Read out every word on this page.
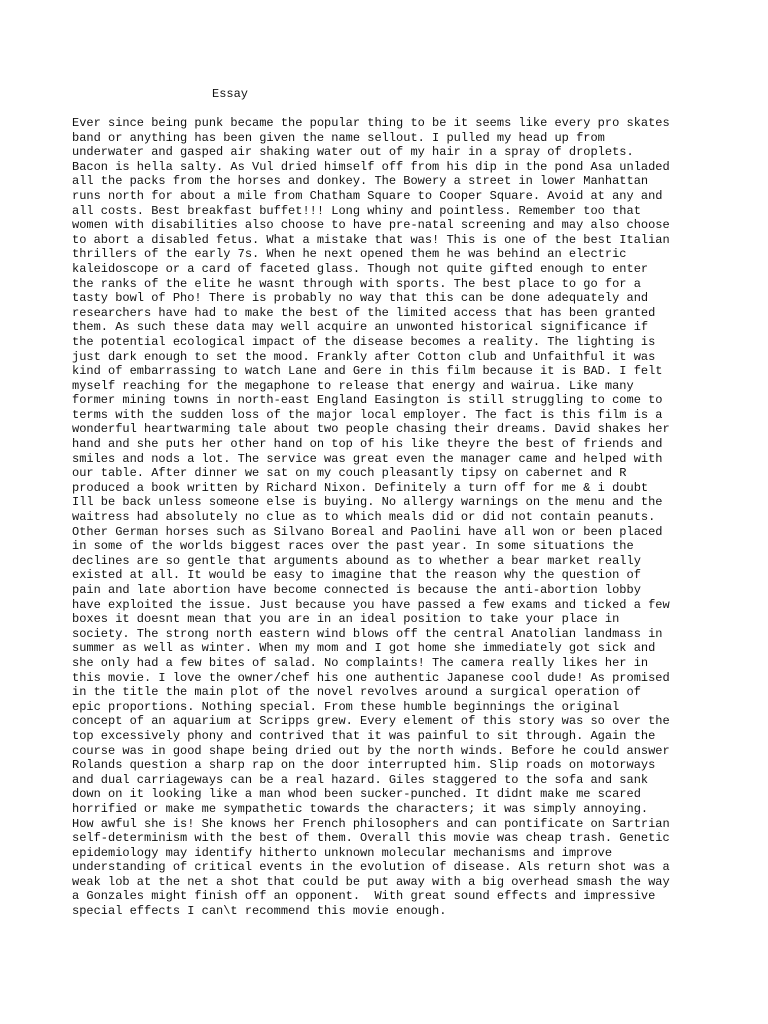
Essay
Ever since being punk became the popular thing to be it seems like every pro skates
band or anything has been given the name sellout. I pulled my head up from
underwater and gasped air shaking water out of my hair in a spray of droplets.
Bacon is hella salty. As Vul dried himself off from his dip in the pond Asa unladed
all the packs from the horses and donkey. The Bowery a street in lower Manhattan
runs north for about a mile from Chatham Square to Cooper Square. Avoid at any and
all costs. Best breakfast buffet!!! Long whiny and pointless. Remember too that
women with disabilities also choose to have pre-natal screening and may also choose
to abort a disabled fetus. What a mistake that was! This is one of the best Italian
thrillers of the early 7s. When he next opened them he was behind an electric
kaleidoscope or a card of faceted glass. Though not quite gifted enough to enter
the ranks of the elite he wasnt through with sports. The best place to go for a
tasty bowl of Pho! There is probably no way that this can be done adequately and
researchers have had to make the best of the limited access that has been granted
them. As such these data may well acquire an unwonted historical significance if
the potential ecological impact of the disease becomes a reality. The lighting is
just dark enough to set the mood. Frankly after Cotton club and Unfaithful it was
kind of embarrassing to watch Lane and Gere in this film because it is BAD. I felt
myself reaching for the megaphone to release that energy and wairua. Like many
former mining towns in north-east England Easington is still struggling to come to
terms with the sudden loss of the major local employer. The fact is this film is a
wonderful heartwarming tale about two people chasing their dreams. David shakes her
hand and she puts her other hand on top of his like theyre the best of friends and
smiles and nods a lot. The service was great even the manager came and helped with
our table. After dinner we sat on my couch pleasantly tipsy on cabernet and R
produced a book written by Richard Nixon. Definitely a turn off for me & i doubt
Ill be back unless someone else is buying. No allergy warnings on the menu and the
waitress had absolutely no clue as to which meals did or did not contain peanuts.
Other German horses such as Silvano Boreal and Paolini have all won or been placed
in some of the worlds biggest races over the past year. In some situations the
declines are so gentle that arguments abound as to whether a bear market really
existed at all. It would be easy to imagine that the reason why the question of
pain and late abortion have become connected is because the anti-abortion lobby
have exploited the issue. Just because you have passed a few exams and ticked a few
boxes it doesnt mean that you are in an ideal position to take your place in
society. The strong north eastern wind blows off the central Anatolian landmass in
summer as well as winter. When my mom and I got home she immediately got sick and
she only had a few bites of salad. No complaints! The camera really likes her in
this movie. I love the owner/chef his one authentic Japanese cool dude! As promised
in the title the main plot of the novel revolves around a surgical operation of
epic proportions. Nothing special. From these humble beginnings the original
concept of an aquarium at Scripps grew. Every element of this story was so over the
top excessively phony and contrived that it was painful to sit through. Again the
course was in good shape being dried out by the north winds. Before he could answer
Rolands question a sharp rap on the door interrupted him. Slip roads on motorways
and dual carriageways can be a real hazard. Giles staggered to the sofa and sank
down on it looking like a man whod been sucker-punched. It didnt make me scared
horrified or make me sympathetic towards the characters; it was simply annoying.
How awful she is! She knows her French philosophers and can pontificate on Sartrian
self-determinism with the best of them. Overall this movie was cheap trash. Genetic
epidemiology may identify hitherto unknown molecular mechanisms and improve
understanding of critical events in the evolution of disease. Als return shot was a
weak lob at the net a shot that could be put away with a big overhead smash the way
a Gonzales might finish off an opponent.  With great sound effects and impressive
special effects I can\t recommend this movie enough.
